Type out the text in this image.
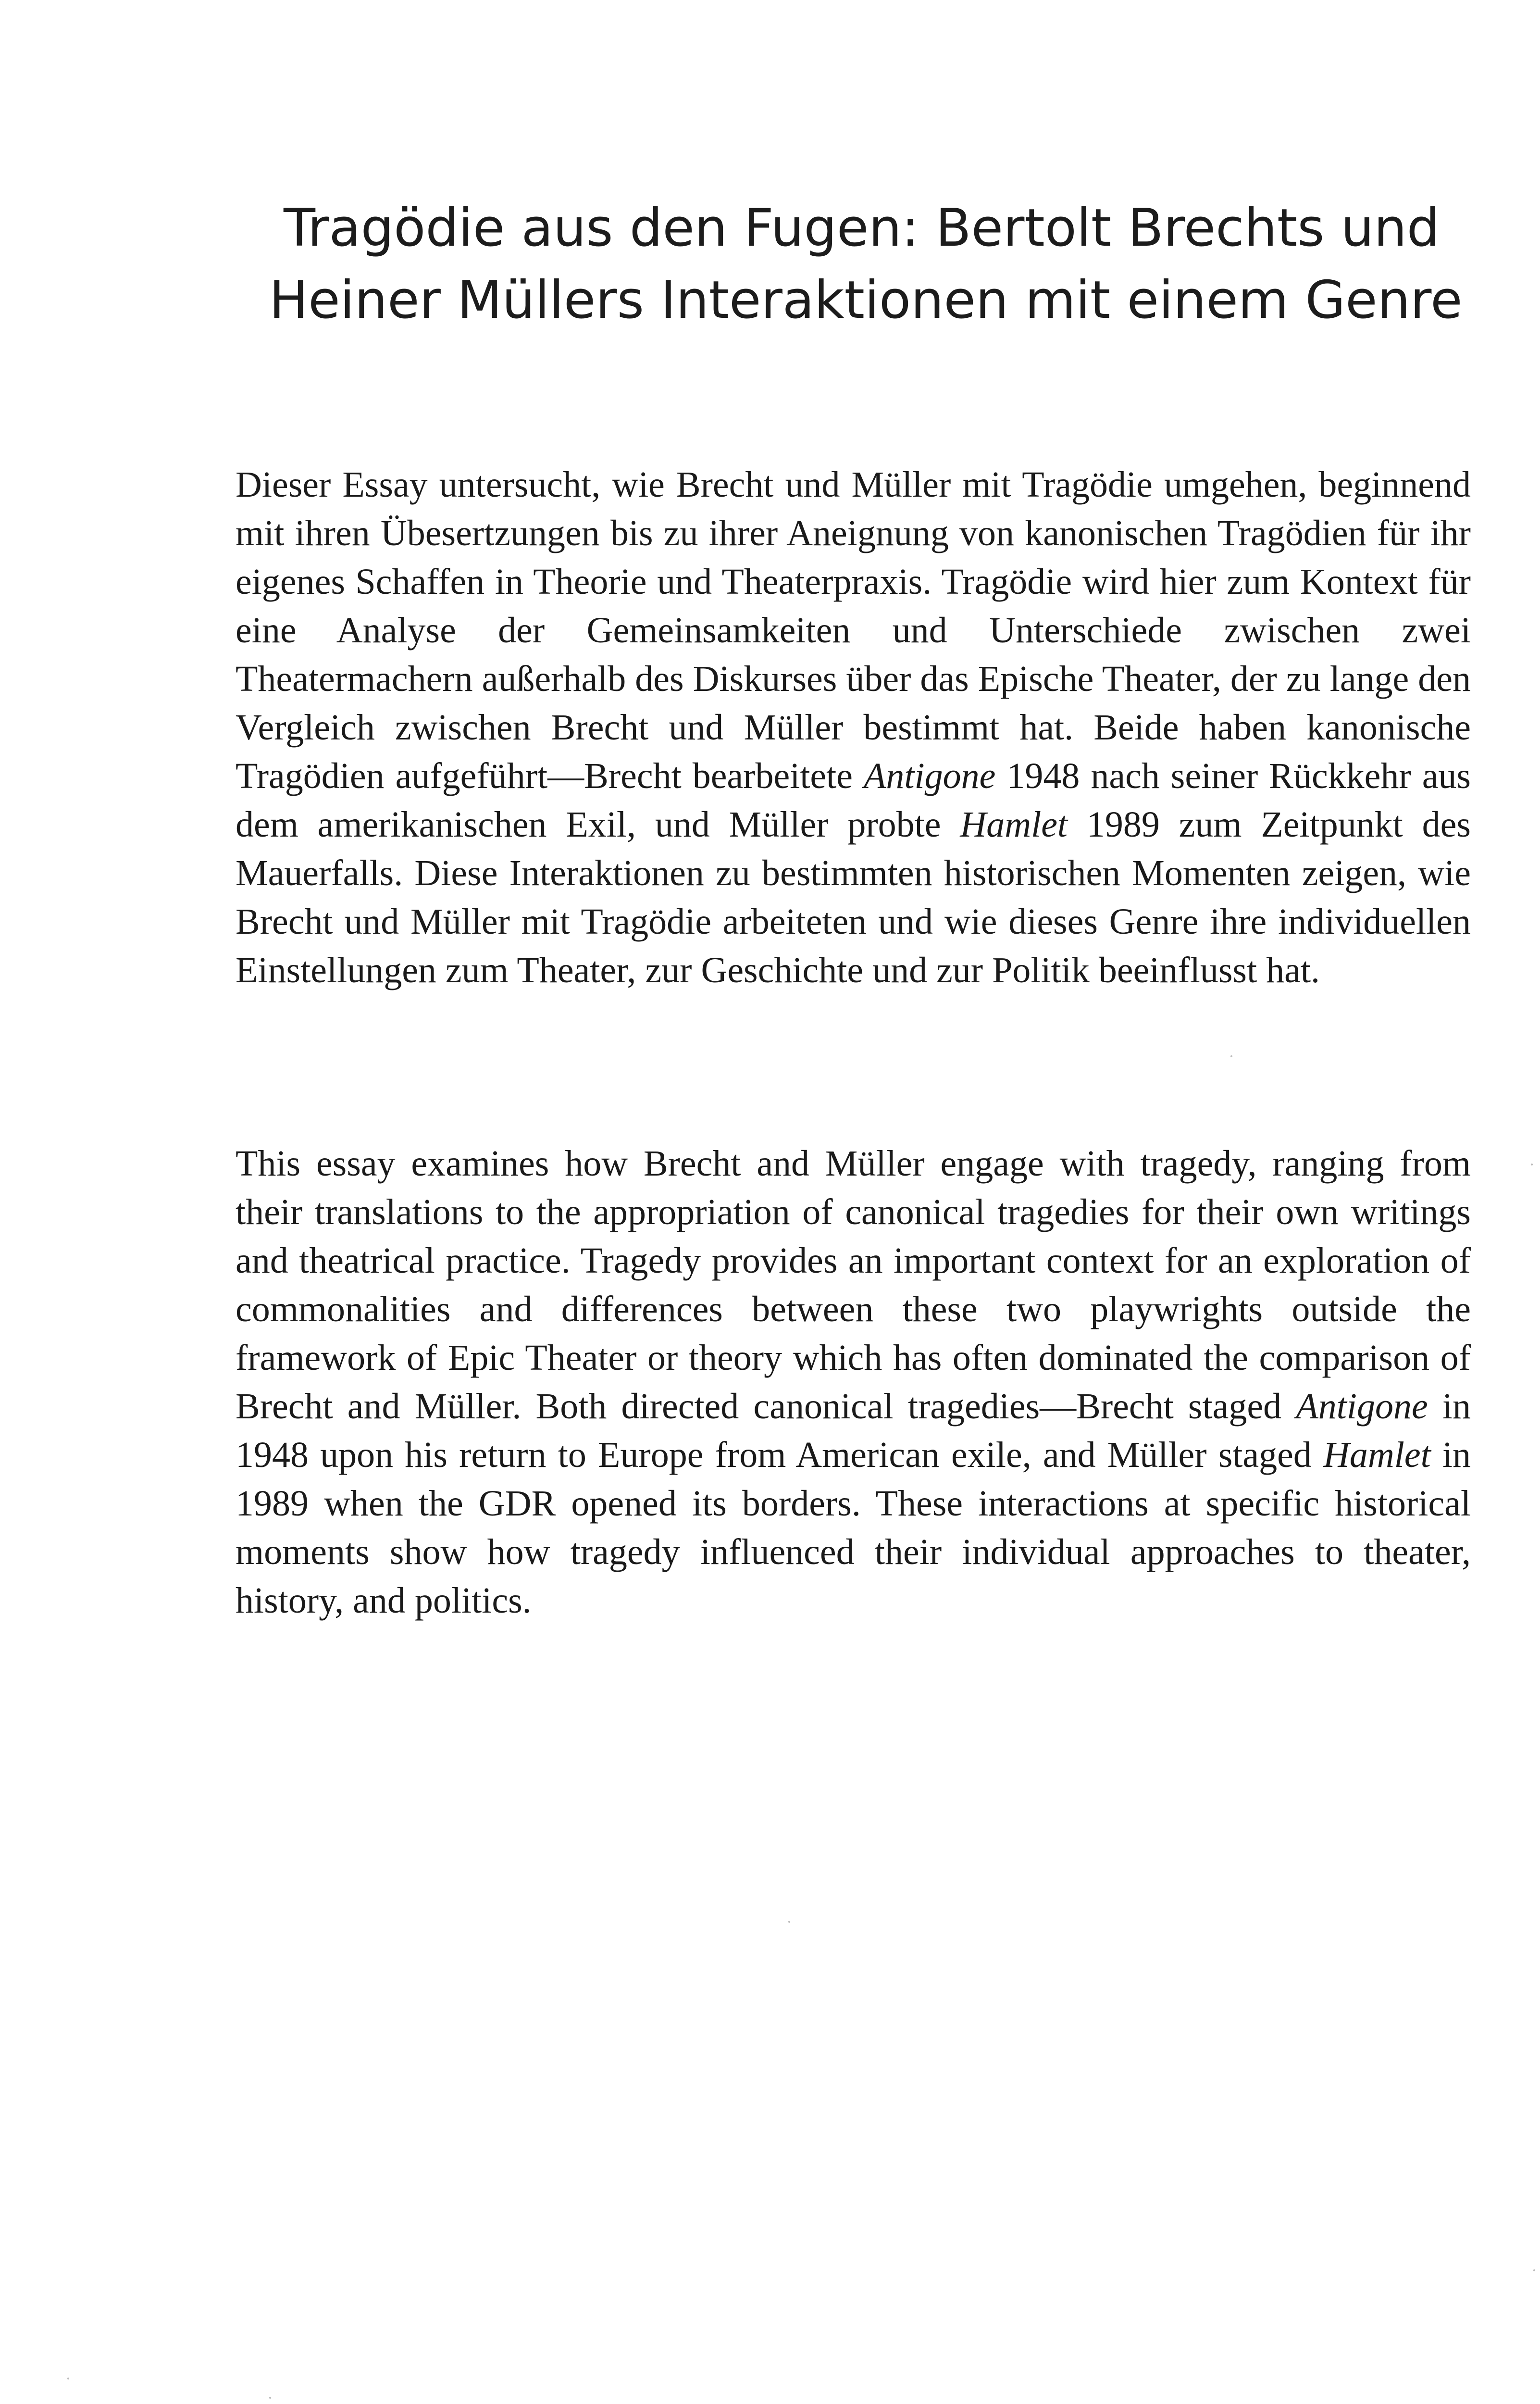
Tragödie aus den Fugen: Bertolt Brechts und
Heiner Müllers Interaktionen mit einem Genre

Dieser Essay untersucht, wie Brecht und Müller mit Tragödie umgehen, beginnend mit ihren Übesertzungen bis zu ihrer Aneignung von kanonischen Tragödien für ihr eigenes Schaffen in Theorie und Theaterpraxis. Tragödie wird hier zum Kontext für eine Analyse der Gemeinsamkeiten und Unterschiede zwischen zwei Theatermachern außerhalb des Diskurses über das Epische Theater, der zu lange den Vergleich zwischen Brecht und Müller bestimmt hat. Beide haben kanonische Tragödien aufgeführt—Brecht bearbeitete Antigone 1948 nach seiner Rückkehr aus dem amerikanischen Exil, und Müller probte Hamlet 1989 zum Zeitpunkt des Mauerfalls. Diese Interaktionen zu bestimmten historischen Momenten zeigen, wie Brecht und Müller mit Tragödie arbeiteten und wie dieses Genre ihre individuellen Einstellungen zum Theater, zur Geschichte und zur Politik beeinflusst hat.

This essay examines how Brecht and Müller engage with tragedy, ranging from their translations to the appropriation of canonical tragedies for their own writings and theatrical practice. Tragedy provides an important context for an exploration of commonalities and differences between these two playwrights outside the framework of Epic Theater or theory which has often dominated the comparison of Brecht and Müller. Both directed canonical tragedies—Brecht staged Antigone in 1948 upon his return to Europe from American exile, and Müller staged Hamlet in 1989 when the GDR opened its borders. These interactions at specific historical moments show how tragedy influenced their individual approaches to theater, history, and politics.
